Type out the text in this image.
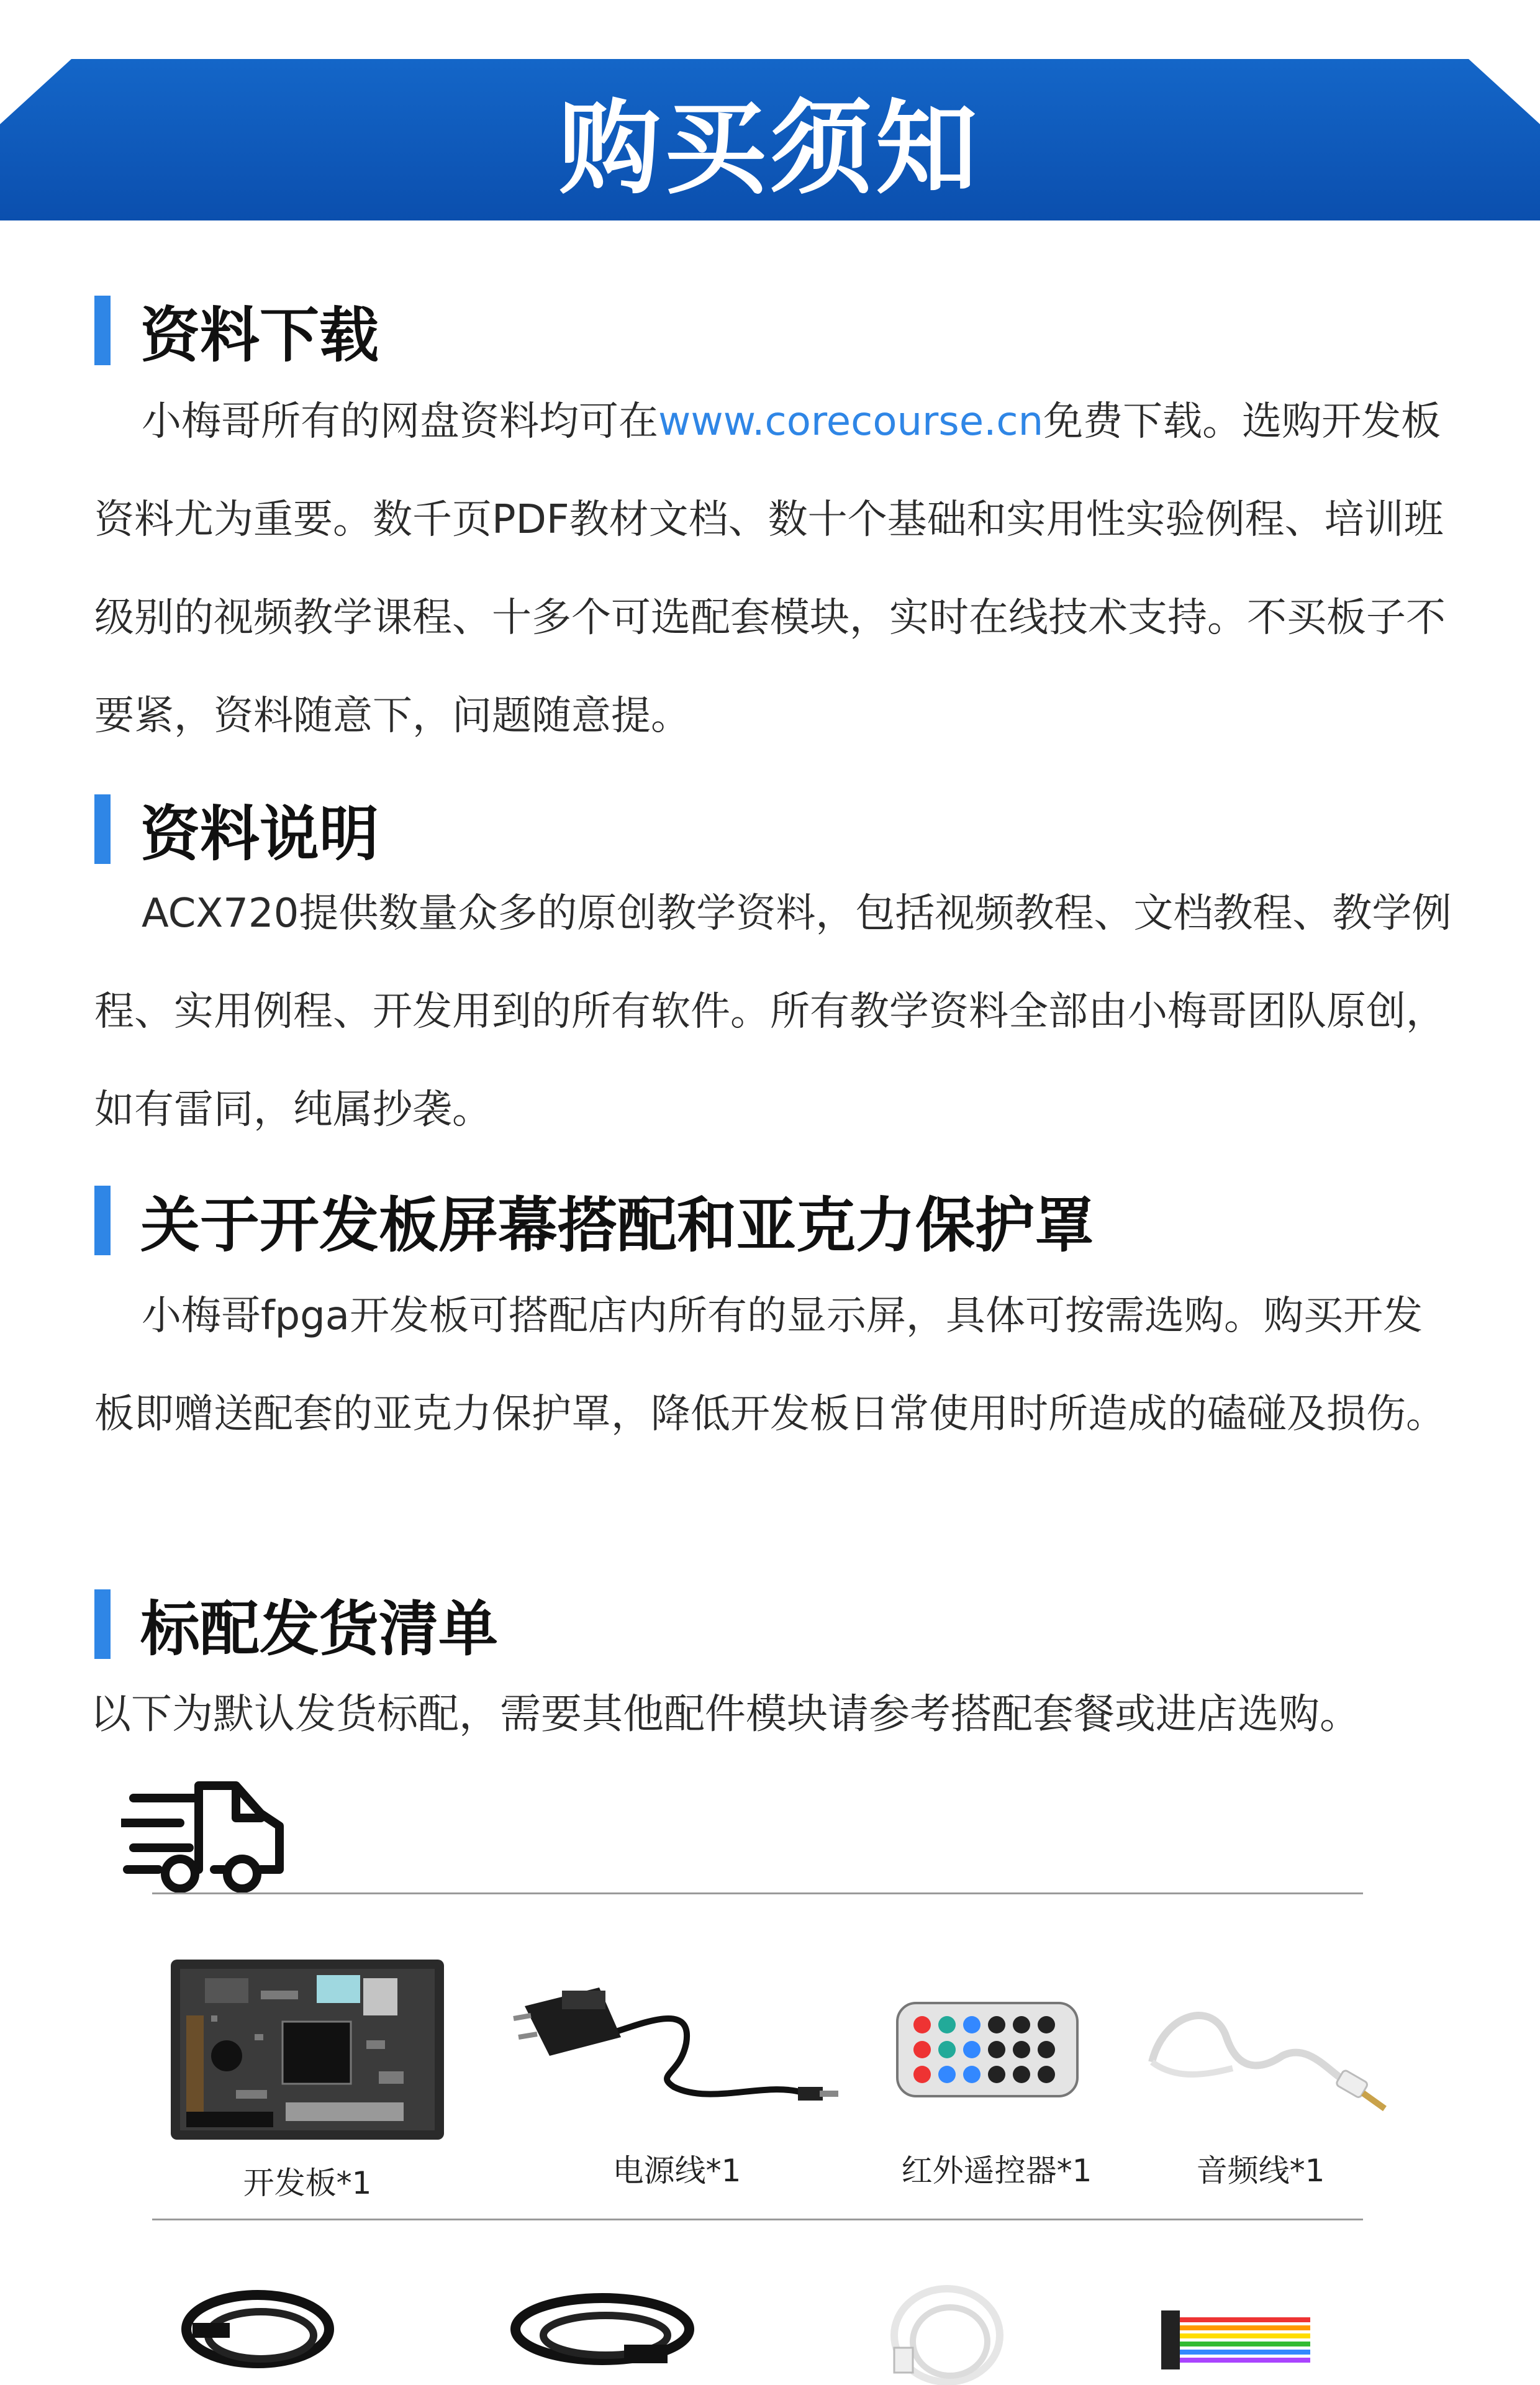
购买须知
资料下载

小梅哥所有的网盘资料均可在www.corecourse.cn免费下载。选购开发板资料尤为重要。数千页PDF教材文档、数十个基础和实用性实验例程、培训班级别的视频教学课程、十多个可选配套模块，实时在线技术支持。不买板子不要紧，资料随意下，问题随意提。

资料说明

ACX720提供数量众多的原创教学资料，包括视频教程、文档教程、教学例程、实用例程、开发用到的所有软件。所有教学资料全部由小梅哥团队原创，如有雷同，纯属抄袭。

关于开发板屏幕搭配和亚克力保护罩

小梅哥fpga开发板可搭配店内所有的显示屏，具体可按需选购。购买开发板即赠送配套的亚克力保护罩，降低开发板日常使用时所造成的磕碰及损伤。

标配发货清单

以下为默认发货标配，需要其他配件模块请参考搭配套餐或进店选购。

开发板*1	电源线*1	红外遥控器*1	音频线*1
